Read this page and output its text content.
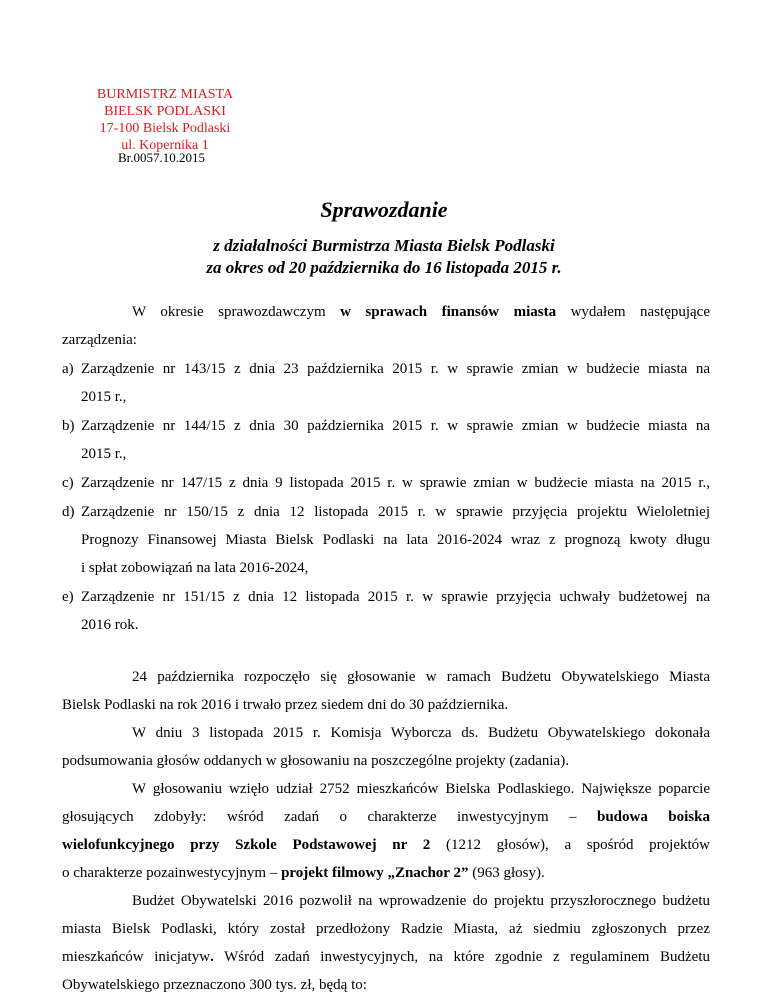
BURMISTRZ MIASTA
BIELSK PODLASKI
17-100 Bielsk Podlaski
ul. Kopernika 1
Br.0057.10.2015
Sprawozdanie
z działalności Burmistrza Miasta Bielsk Podlaski
za okres od 20 października do 16 listopada 2015 r.
W okresie sprawozdawczym w sprawach finansów miasta wydałem następujące
zarządzenia:
a) Zarządzenie nr 143/15 z dnia 23 października 2015 r. w sprawie zmian w budżecie miasta na
2015 r.,
b) Zarządzenie nr 144/15 z dnia 30 października 2015 r. w sprawie zmian w budżecie miasta na
2015 r.,
c) Zarządzenie nr 147/15 z dnia 9 listopada 2015 r. w sprawie zmian w budżecie miasta na 2015 r.,
d) Zarządzenie nr 150/15 z dnia 12 listopada 2015 r. w sprawie przyjęcia projektu Wieloletniej
Prognozy Finansowej Miasta Bielsk Podlaski na lata 2016-2024 wraz z prognozą kwoty długu
i spłat zobowiązań na lata 2016-2024,
e) Zarządzenie nr 151/15 z dnia 12 listopada 2015 r. w sprawie przyjęcia uchwały budżetowej na
2016 rok.
24 października rozpoczęło się głosowanie w ramach Budżetu Obywatelskiego Miasta
Bielsk Podlaski na rok 2016 i trwało przez siedem dni do 30 października.
W dniu 3 listopada 2015 r. Komisja Wyborcza ds. Budżetu Obywatelskiego dokonała
podsumowania głosów oddanych w głosowaniu na poszczególne projekty (zadania).
W głosowaniu wzięło udział 2752 mieszkańców Bielska Podlaskiego. Największe poparcie
głosujących zdobyły: wśród zadań o charakterze inwestycyjnym – budowa boiska
wielofunkcyjnego przy Szkole Podstawowej nr 2 (1212 głosów), a spośród projektów
o charakterze pozainwestycyjnym – projekt filmowy „Znachor 2” (963 głosy).
Budżet Obywatelski 2016 pozwolił na wprowadzenie do projektu przyszłorocznego budżetu
miasta Bielsk Podlaski, który został przedłożony Radzie Miasta, aż siedmiu zgłoszonych przez
mieszkańców inicjatyw. Wśród zadań inwestycyjnych, na które zgodnie z regulaminem Budżetu
Obywatelskiego przeznaczono 300 tys. zł, będą to:
